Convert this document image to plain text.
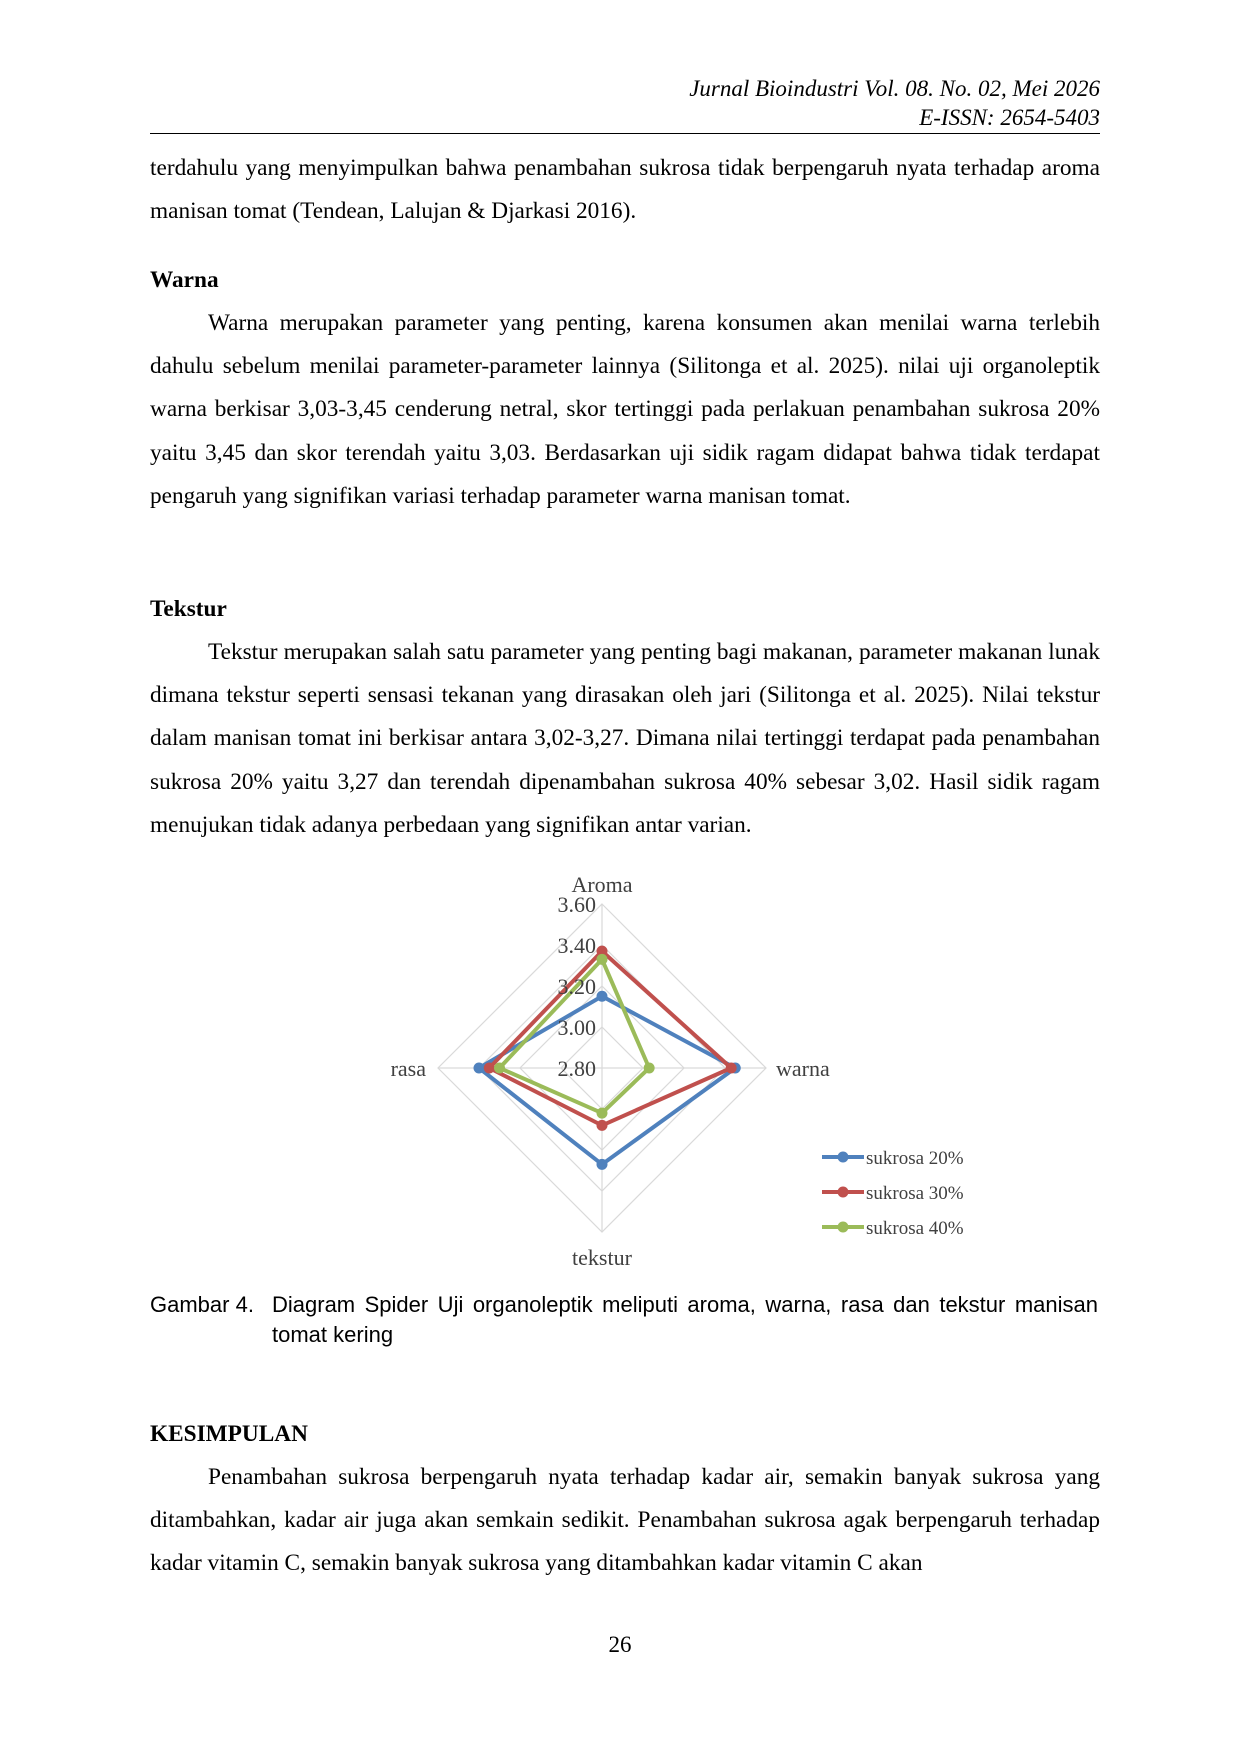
Jurnal Bioindustri Vol. 08. No. 02, Mei 2026
E-ISSN: 2654-5403

terdahulu yang menyimpulkan bahwa penambahan sukrosa tidak berpengaruh nyata terhadap aroma manisan tomat (Tendean, Lalujan & Djarkasi 2016).

Warna

Warna merupakan parameter yang penting, karena konsumen akan menilai warna terlebih dahulu sebelum menilai parameter-parameter lainnya (Silitonga et al. 2025). nilai uji organoleptik warna berkisar 3,03-3,45 cenderung netral, skor tertinggi pada perlakuan penambahan sukrosa 20% yaitu 3,45 dan skor terendah yaitu 3,03. Berdasarkan uji sidik ragam didapat bahwa tidak terdapat pengaruh yang signifikan variasi terhadap parameter warna manisan tomat.

Tekstur

Tekstur merupakan salah satu parameter yang penting bagi makanan, parameter makanan lunak dimana tekstur seperti sensasi tekanan yang dirasakan oleh jari (Silitonga et al. 2025). Nilai tekstur dalam manisan tomat ini berkisar antara 3,02-3,27. Dimana nilai tertinggi terdapat pada penambahan sukrosa 20% yaitu 3,27 dan terendah dipenambahan sukrosa 40% sebesar 3,02. Hasil sidik ragam menujukan tidak adanya perbedaan yang signifikan antar varian.

2.80
3.00
3.20
3.40
3.60
Aroma
warna
tekstur
rasa
sukrosa 20%
sukrosa 30%
sukrosa 40%
Gambar 4. Diagram Spider Uji organoleptik meliputi aroma, warna, rasa dan tekstur manisan tomat kering
KESIMPULAN

Penambahan sukrosa berpengaruh nyata terhadap kadar air, semakin banyak sukrosa yang ditambahkan, kadar air juga akan semkain sedikit. Penambahan sukrosa agak berpengaruh terhadap kadar vitamin C, semakin banyak sukrosa yang ditambahkan kadar vitamin C akan

26
